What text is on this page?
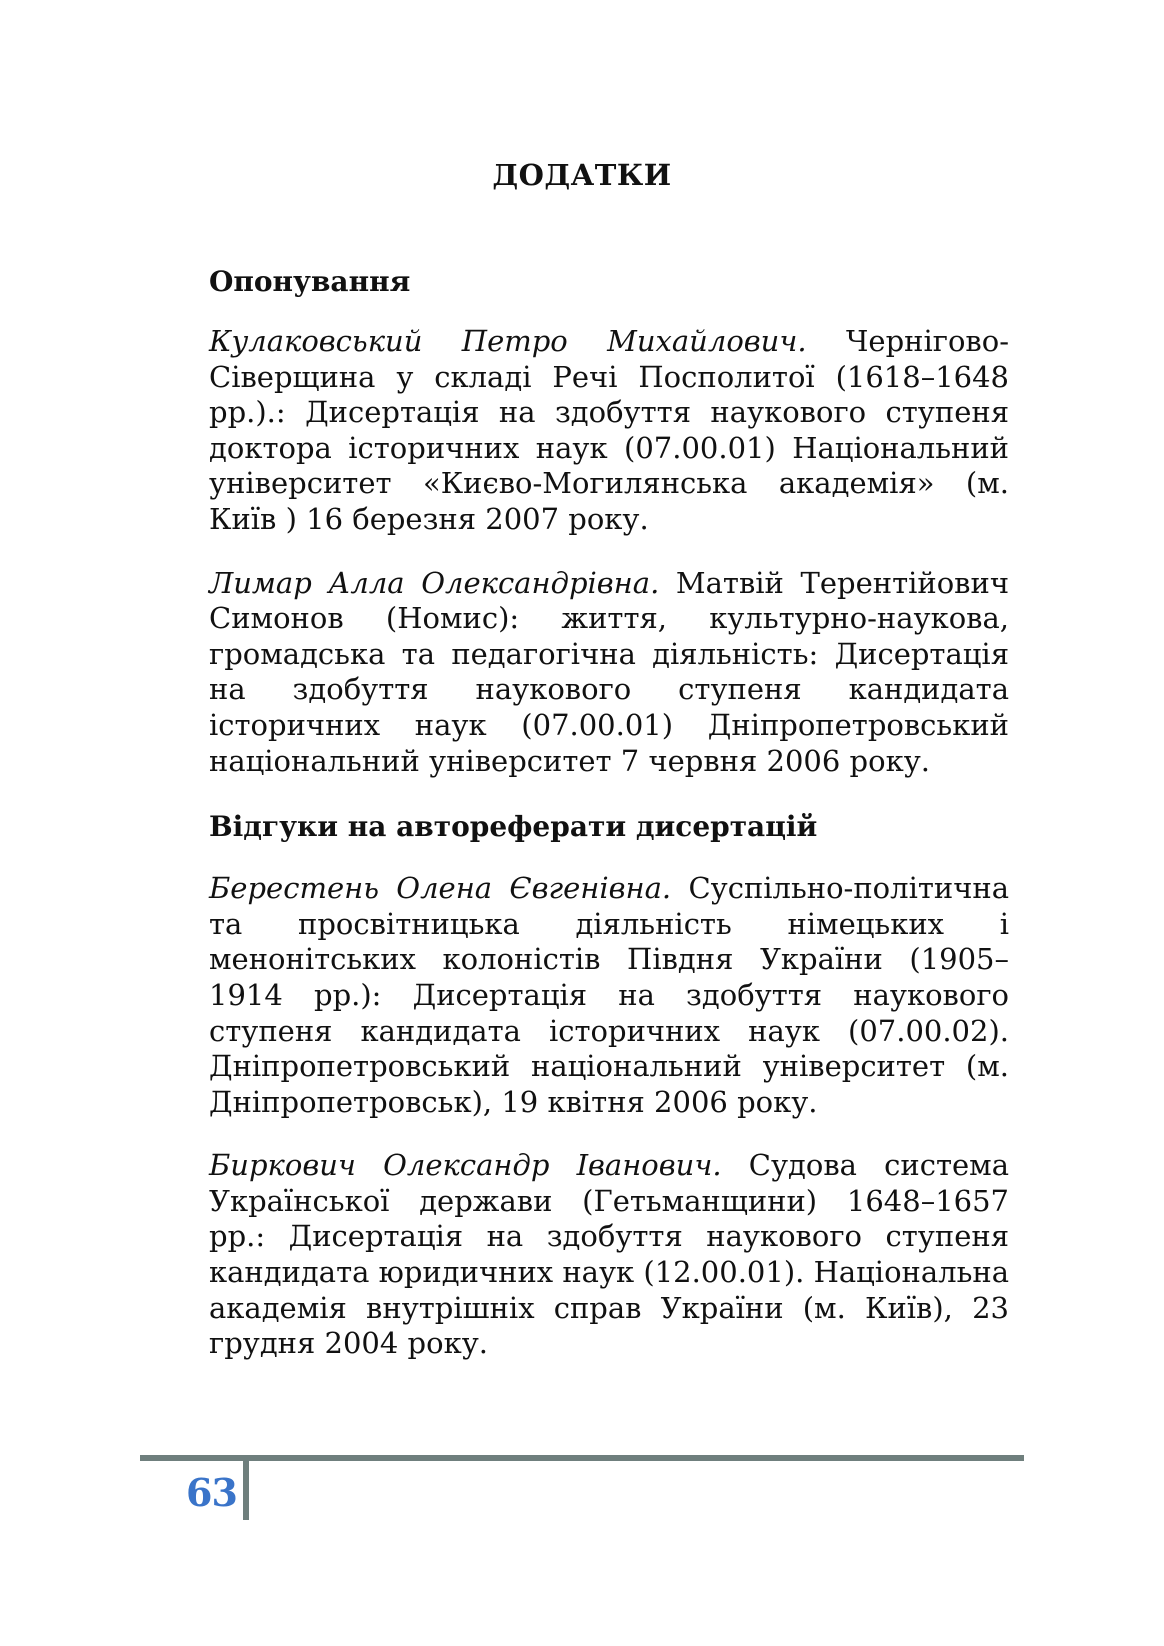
ДОДАТКИ
Опонування

Кулаковський Петро Михайлович. Чернігово-Сіверщина у складі Речі Посполитої (1618–1648 рр.).: Дисертація на здобуття наукового ступеня доктора історичних наук (07.00.01) Національний університет «Києво-Могилянська академія» (м. Київ ) 16 березня 2007 року.

Лимар Алла Олександрівна. Матвій Терентійович Симонов (Номис): життя, культурно-наукова, громадська та педагогічна діяльність: Дисертація на здобуття наукового ступеня кандидата історичних наук (07.00.01) Дніпропетровський національний університет 7 червня 2006 року.

Відгуки на автореферати дисертацій

Берестень Олена Євгенівна. Суспільно-політична та просвітницька діяльність німецьких і менонітських колоністів Півдня України (1905–1914 рр.): Дисертація на здобуття наукового ступеня кандидата історичних наук (07.00.02). Дніпропетровський національний університет (м. Дніпропетровськ), 19 квітня 2006 року.

Биркович Олександр Іванович. Судова система Української держави (Гетьманщини) 1648–1657 рр.: Дисертація на здобуття наукового ступеня кандидата юридичних наук (12.00.01). Національна академія внутрішніх справ України (м. Київ), 23 грудня 2004 року.

63
